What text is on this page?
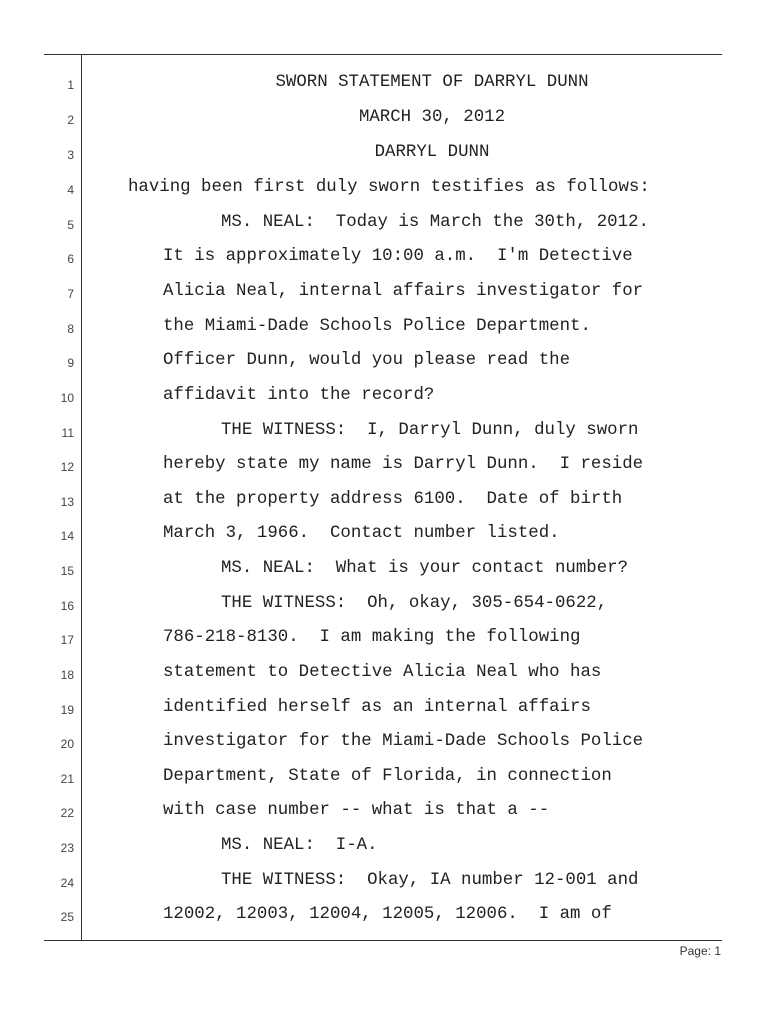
1	SWORN STATEMENT OF DARRYL DUNN
2	MARCH 30, 2012
3	DARRYL DUNN
4	having been first duly sworn testifies as follows:
5	MS. NEAL:  Today is March the 30th, 2012.
6	It is approximately 10:00 a.m.  I'm Detective
7	Alicia Neal, internal affairs investigator for
8	the Miami-Dade Schools Police Department.
9	Officer Dunn, would you please read the
10	affidavit into the record?
11	THE WITNESS:  I, Darryl Dunn, duly sworn
12	hereby state my name is Darryl Dunn.  I reside
13	at the property address 6100.  Date of birth
14	March 3, 1966.  Contact number listed.
15	MS. NEAL:  What is your contact number?
16	THE WITNESS:  Oh, okay, 305-654-0622,
17	786-218-8130.  I am making the following
18	statement to Detective Alicia Neal who has
19	identified herself as an internal affairs
20	investigator for the Miami-Dade Schools Police
21	Department, State of Florida, in connection
22	with case number -- what is that a --
23	MS. NEAL:  I-A.
24	THE WITNESS:  Okay, IA number 12-001 and
25	12002, 12003, 12004, 12005, 12006.  I am of
Page: 1
